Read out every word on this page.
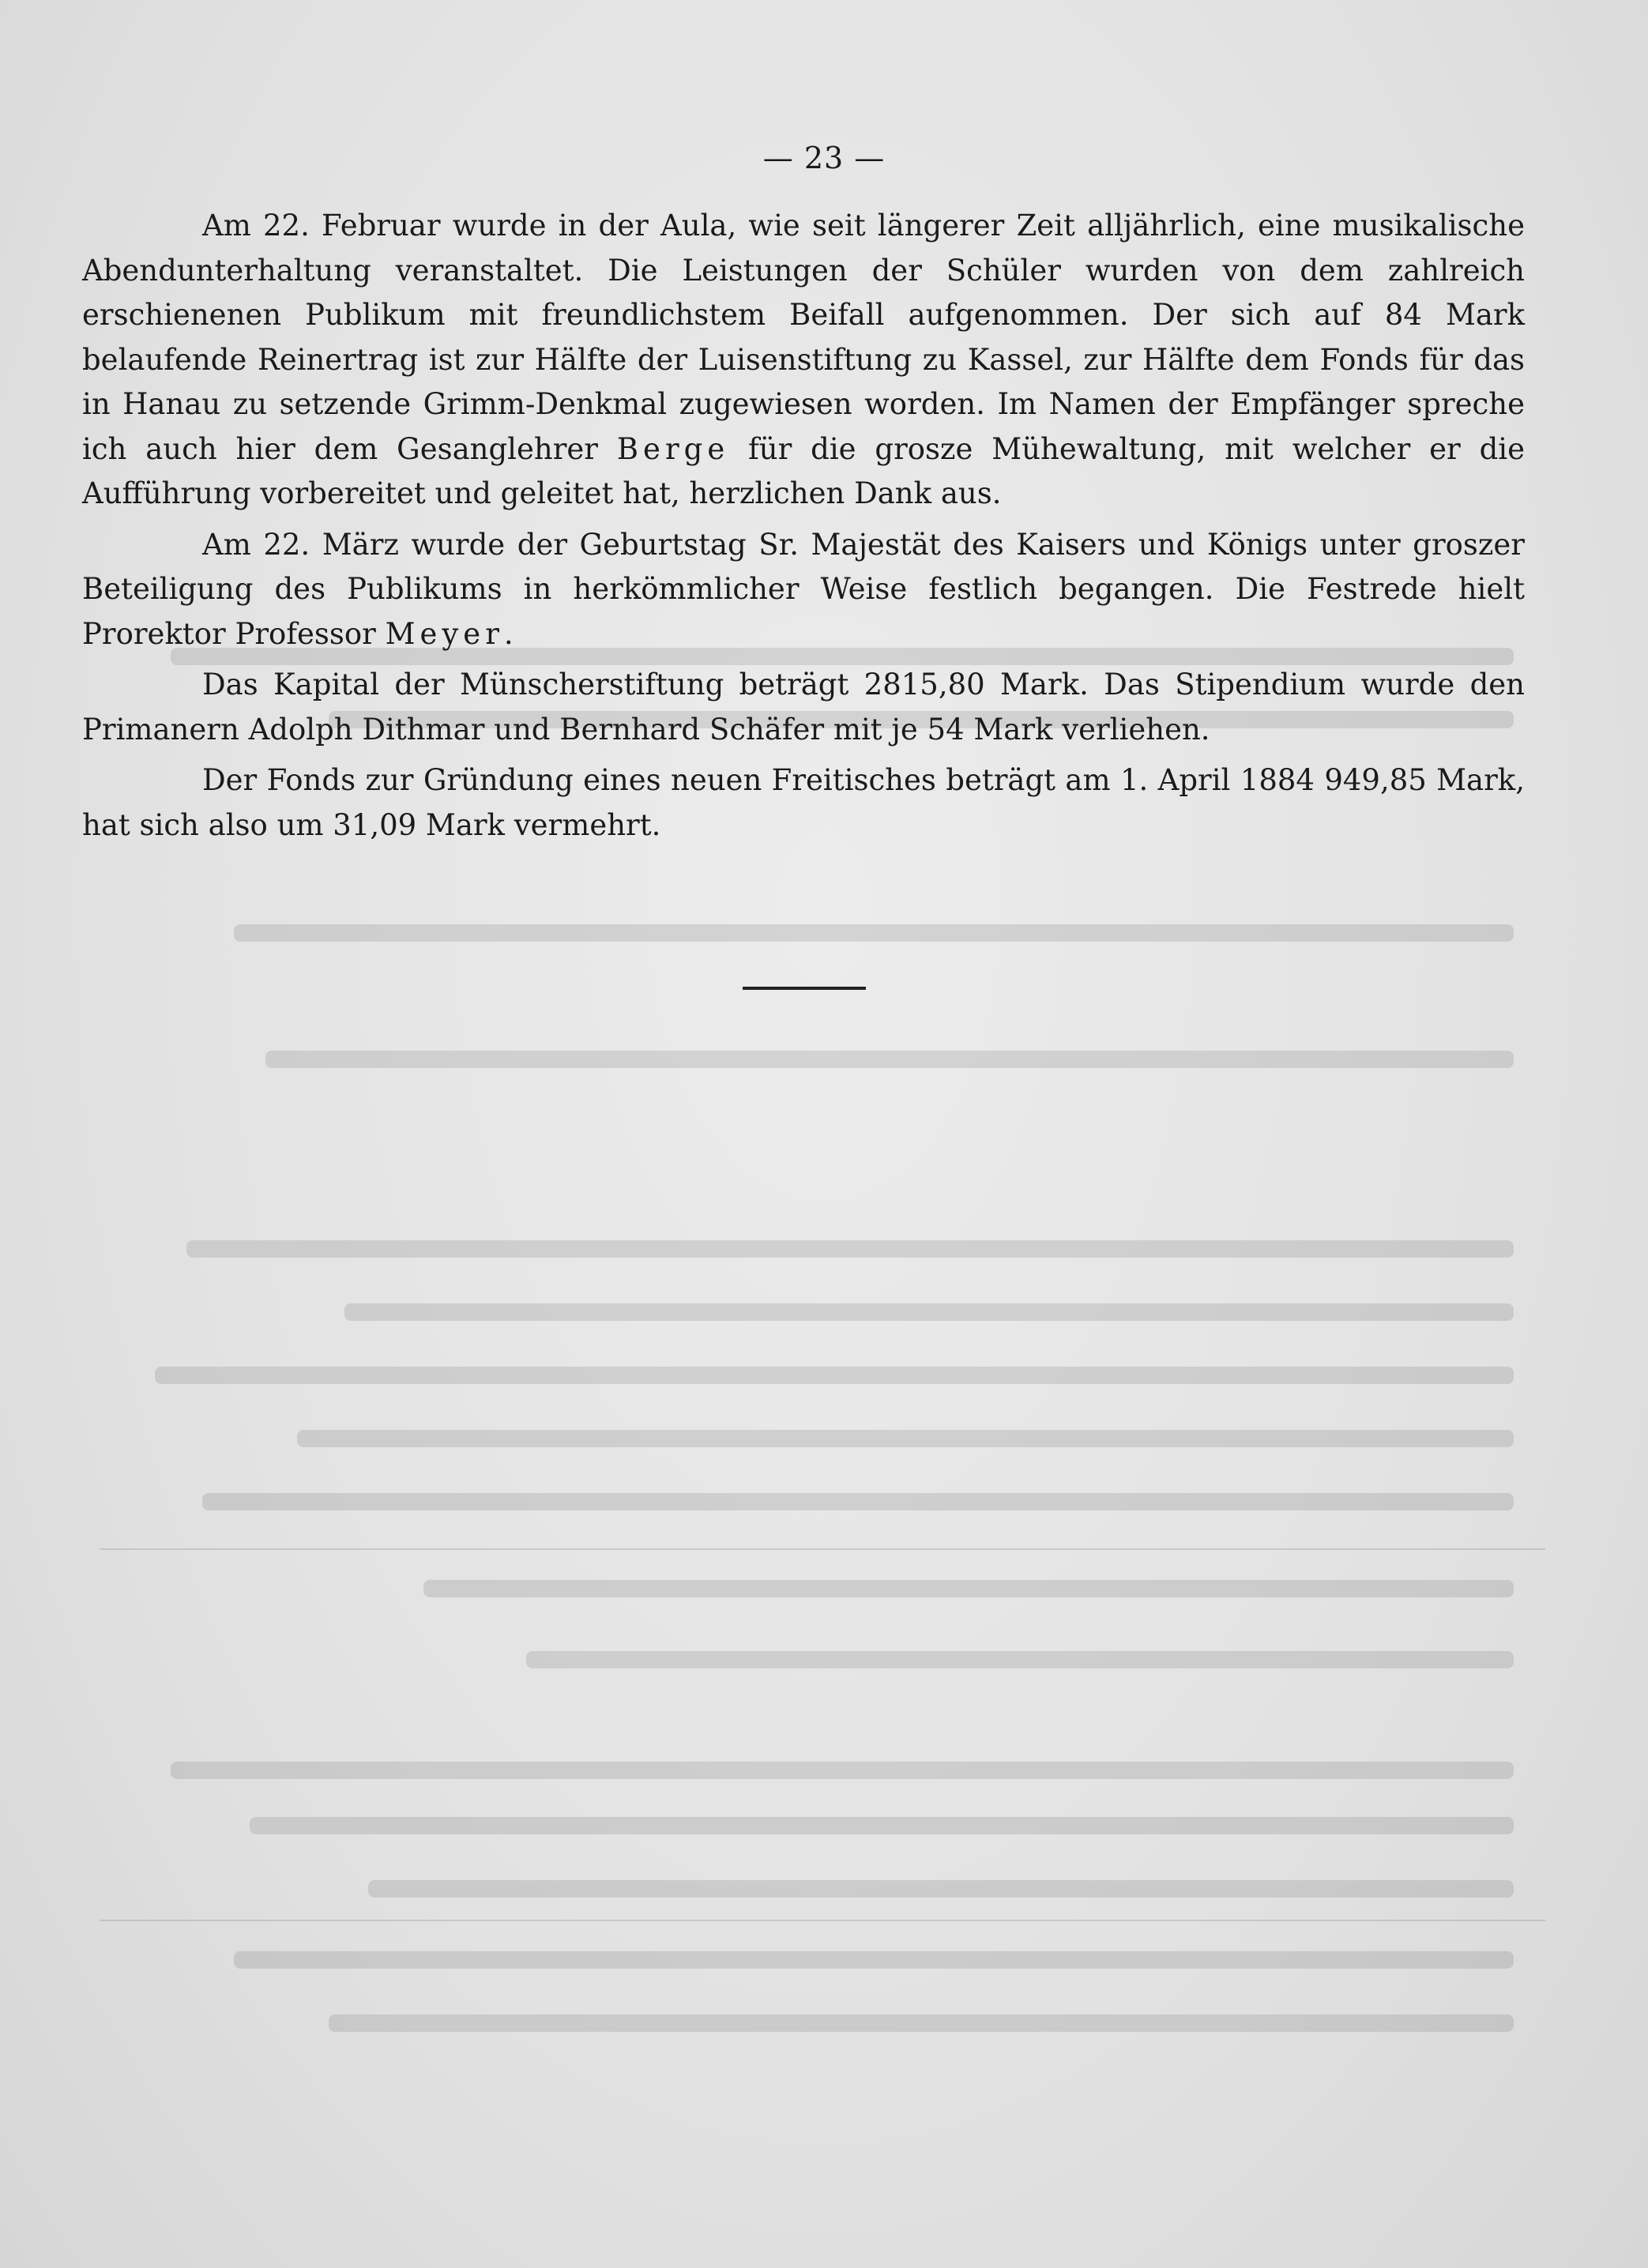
— 23 —

Am 22. Februar wurde in der Aula, wie seit längerer Zeit alljährlich, eine musikalische Abendunterhaltung veranstaltet. Die Leistungen der Schüler wurden von dem zahlreich erschienenen Publikum mit freundlichstem Beifall aufgenommen. Der sich auf 84 Mark belaufende Reinertrag ist zur Hälfte der Luisenstiftung zu Kassel, zur Hälfte dem Fonds für das in Hanau zu setzende Grimm-Denkmal zugewiesen worden. Im Namen der Empfänger spreche ich auch hier dem Gesanglehrer Berge für die grosze Mühewaltung, mit welcher er die Aufführung vorbereitet und geleitet hat, herzlichen Dank aus.

Am 22. März wurde der Geburtstag Sr. Majestät des Kaisers und Königs unter groszer Beteiligung des Publikums in herkömmlicher Weise festlich begangen. Die Festrede hielt Prorektor Professor Meyer.

Das Kapital der Münscherstiftung beträgt 2815,80 Mark. Das Stipendium wurde den Primanern Adolph Dithmar und Bernhard Schäfer mit je 54 Mark verliehen.

Der Fonds zur Gründung eines neuen Freitisches beträgt am 1. April 1884 949,85 Mark, hat sich also um 31,09 Mark vermehrt.
